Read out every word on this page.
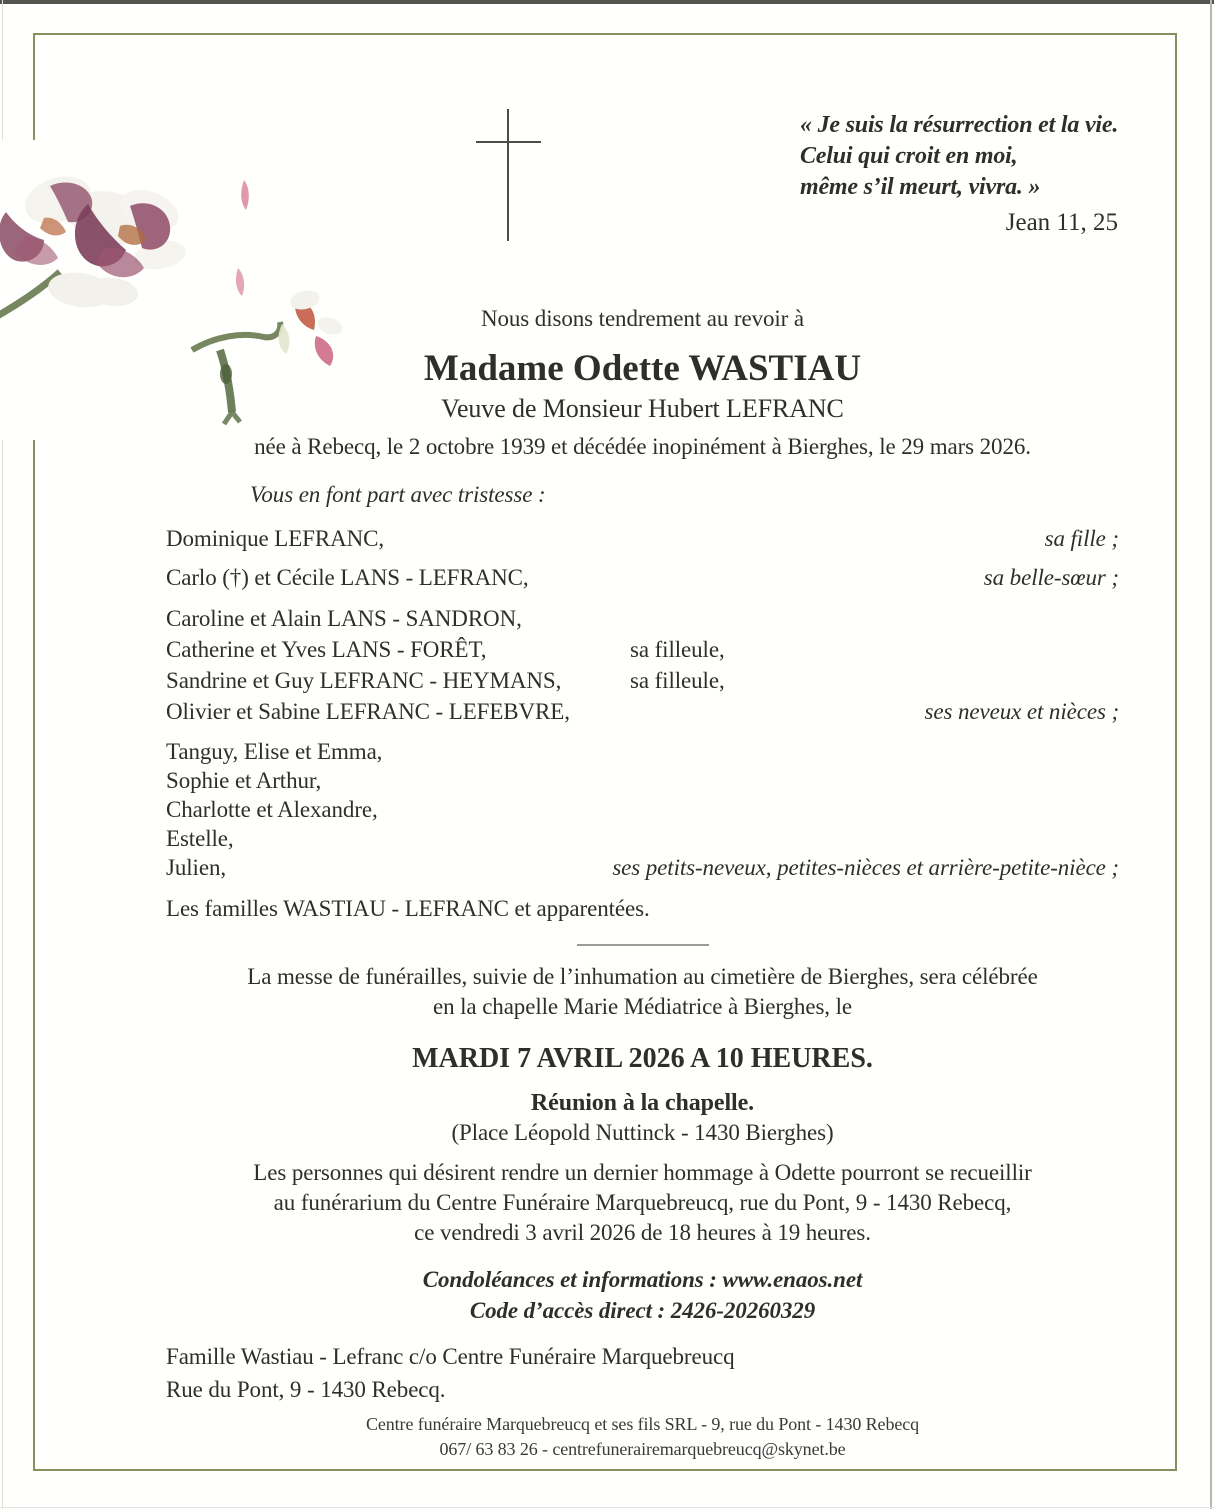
« Je suis la résurrection et la vie.

Celui qui croit en moi,

même s’il meurt, vivra. »

Jean 11, 25
Nous disons tendrement au revoir à
Madame Odette WASTIAU
Veuve de Monsieur Hubert LEFRANC
née à Rebecq, le 2 octobre 1939 et décédée inopinément à Bierghes, le 29 mars 2026.
Vous en font part avec tristesse :
Dominique LEFRANC,	sa fille ;
Carlo (†) et Cécile LANS - LEFRANC,	sa belle-sœur ;
Caroline et Alain LANS - SANDRON,
Catherine et Yves LANS - FORÊT,	sa filleule,
Sandrine et Guy LEFRANC - HEYMANS,	sa filleule,
Olivier et Sabine LEFRANC - LEFEBVRE,	ses neveux et nièces ;
Tanguy, Elise et Emma,
Sophie et Arthur,
Charlotte et Alexandre,
Estelle,
Julien,	ses petits-neveux, petites-nièces et arrière-petite-nièce ;
Les familles WASTIAU - LEFRANC et apparentées.

La messe de funérailles, suivie de l’inhumation au cimetière de Bierghes, sera célébrée

en la chapelle Marie Médiatrice à Bierghes, le

MARDI 7 AVRIL 2026 A 10 HEURES.
Réunion à la chapelle.
(Place Léopold Nuttinck - 1430 Bierghes)

Les personnes qui désirent rendre un dernier hommage à Odette pourront se recueillir

au funérarium du Centre Funéraire Marquebreucq, rue du Pont, 9 - 1430 Rebecq,

ce vendredi 3 avril 2026 de 18 heures à 19 heures.

Condoléances et informations : www.enaos.net

Code d’accès direct : 2426-20260329

Famille Wastiau - Lefranc c/o Centre Funéraire Marquebreucq

Rue du Pont, 9 - 1430 Rebecq.

Centre funéraire Marquebreucq et ses fils SRL - 9, rue du Pont - 1430 Rebecq

067/ 63 83 26 - centrefunerairemarquebreucq@skynet.be
